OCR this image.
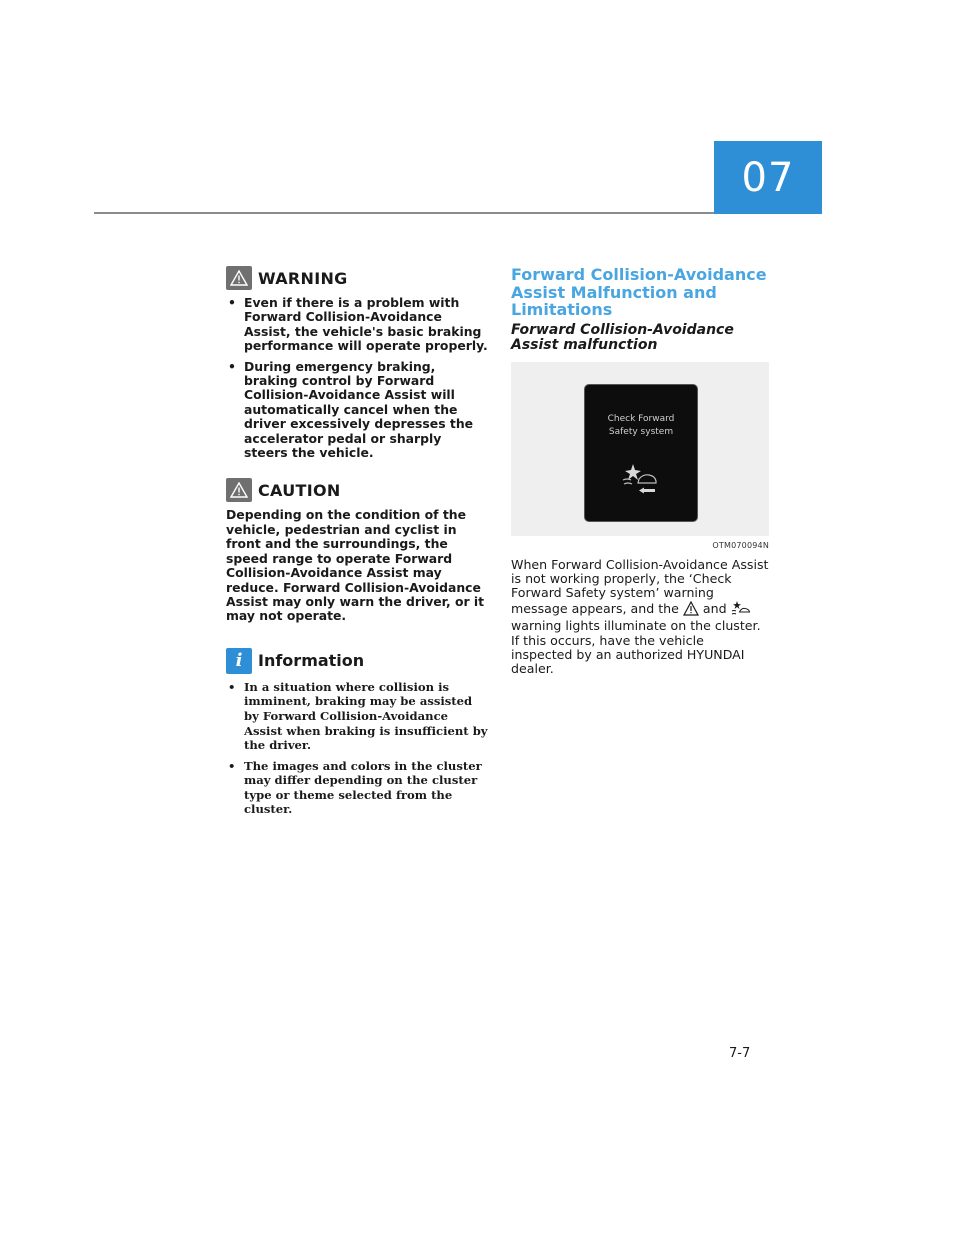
07
WARNING
• Even if there is a problem with Forward Collision-Avoidance Assist, the vehicle's basic braking performance will operate properly.
• During emergency braking, braking control by Forward Collision-Avoidance Assist will automatically cancel when the driver excessively depresses the accelerator pedal or sharply steers the vehicle.
CAUTION

Depending on the condition of the vehicle, pedestrian and cyclist in front and the surroundings, the speed range to operate Forward Collision-Avoidance Assist may reduce. Forward Collision-Avoidance Assist may only warn the driver, or it may not operate.

i Information
• In a situation where collision is imminent, braking may be assisted by Forward Collision-Avoidance Assist when braking is insufficient by the driver.
• The images and colors in the cluster may differ depending on the cluster type or theme selected from the cluster.
Forward Collision-Avoidance Assist Malfunction and Limitations
Forward Collision-Avoidance Assist malfunction
Check Forward
Safety system
OTM070094N

When Forward Collision-Avoidance Assist is not working properly, the ‘Check Forward Safety system’ warning message appears, and the and  warning lights illuminate on the cluster. If this occurs, have the vehicle inspected by an authorized HYUNDAI dealer.

7-7
